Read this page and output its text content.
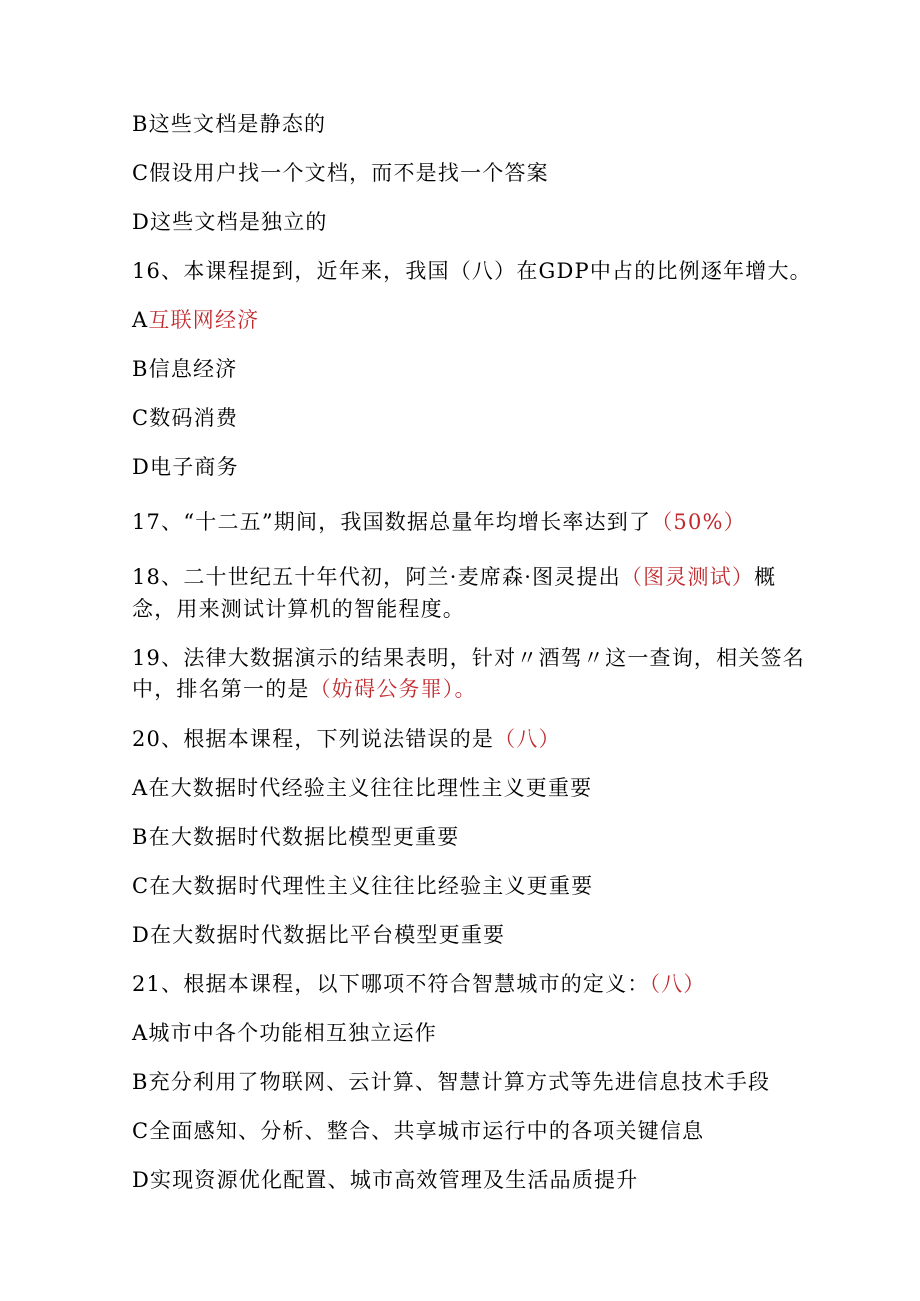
B这些文档是静态的
C假设用户找一个文档，而不是找一个答案
D这些文档是独立的
16、本课程提到，近年来，我国（八）在GDP中占的比例逐年增大。
A互联网经济
B信息经济
C数码消费
D电子商务
17、“十二五”期间，我国数据总量年均增长率达到了（50%）
18、二十世纪五十年代初，阿兰·麦席森·图灵提出（图灵测试）概
念，用来测试计算机的智能程度。
19、法律大数据演示的结果表明，针对〃酒驾〃这一查询，相关签名
中，排名第一的是（妨碍公务罪）。
20、根据本课程，下列说法错误的是（八）
A在大数据时代经验主义往往比理性主义更重要
B在大数据时代数据比模型更重要
C在大数据时代理性主义往往比经验主义更重要
D在大数据时代数据比平台模型更重要
21、根据本课程，以下哪项不符合智慧城市的定义：（八）
A城市中各个功能相互独立运作
B充分利用了物联网、云计算、智慧计算方式等先进信息技术手段
C全面感知、分析、整合、共享城市运行中的各项关键信息
D实现资源优化配置、城市高效管理及生活品质提升
